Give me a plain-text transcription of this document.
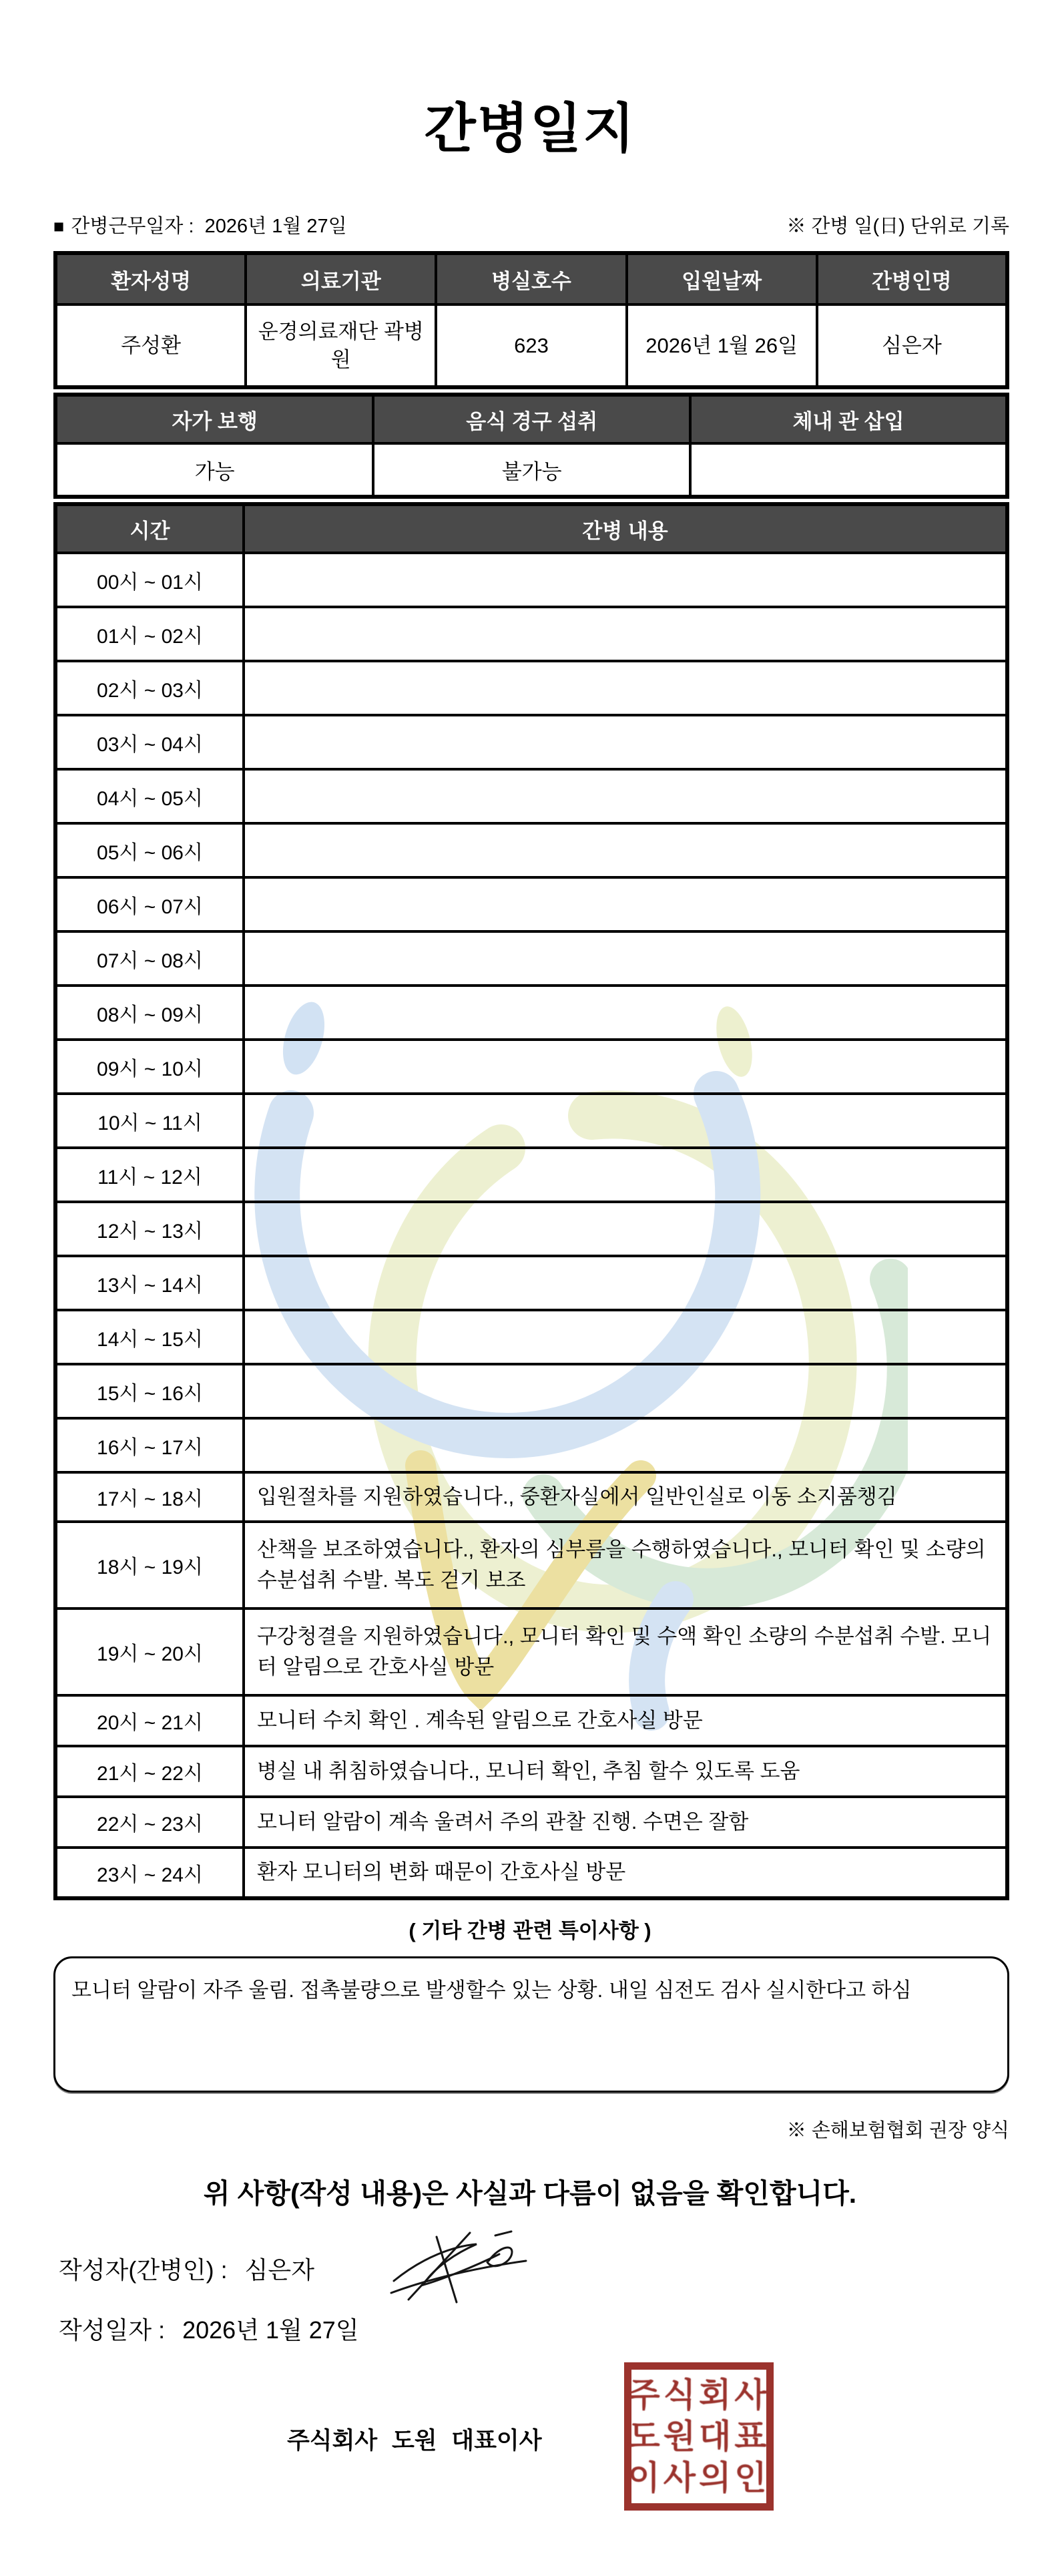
간병일지
■ 간병근무일자 : 2026년 1월 27일	※ 간병 일(日) 단위로 기록
환자성명	의료기관	병실호수	입원날짜	간병인명
주성환	운경의료재단 곽병원	623	2026년 1월 26일	심은자
자가 보행	음식 경구 섭취	체내 관 삽입
가능	불가능	
시간	간병 내용
00시 ~ 01시	
01시 ~ 02시	
02시 ~ 03시	
03시 ~ 04시	
04시 ~ 05시	
05시 ~ 06시	
06시 ~ 07시	
07시 ~ 08시	
08시 ~ 09시	
09시 ~ 10시	
10시 ~ 11시	
11시 ~ 12시	
12시 ~ 13시	
13시 ~ 14시	
14시 ~ 15시	
15시 ~ 16시	
16시 ~ 17시	
17시 ~ 18시	입원절차를 지원하였습니다., 중환자실에서 일반인실로 이동 소지품챙김
18시 ~ 19시	산책을 보조하였습니다., 환자의 심부름을 수행하였습니다., 모니터 확인 및 소량의 수분섭취 수발. 복도 걷기 보조
19시 ~ 20시	구강청결을 지원하였습니다., 모니터 확인 및 수액 확인 소량의 수분섭취 수발. 모니터 알림으로 간호사실 방문
20시 ~ 21시	모니터 수치 확인 . 계속된 알림으로 간호사실 방문
21시 ~ 22시	병실 내 취침하였습니다., 모니터 확인, 추침 할수 있도록 도움
22시 ~ 23시	모니터 알람이 계속 울려서 주의 관찰 진행. 수면은 잘함
23시 ~ 24시	환자 모니터의 변화 때문이 간호사실 방문
( 기타 간병 관련 특이사항 )
모니터 알람이 자주 울림. 접촉불량으로 발생할수 있는 상황. 내일 심전도 검사 실시한다고 하심
※ 손해보험협회 권장 양식
위 사항(작성 내용)은 사실과 다름이 없음을 확인합니다.
작성자(간병인) : 심은자
작성일자 : 2026년 1월 27일
주식회사 도원 대표이사
주식회사
도원대표
이사의인
